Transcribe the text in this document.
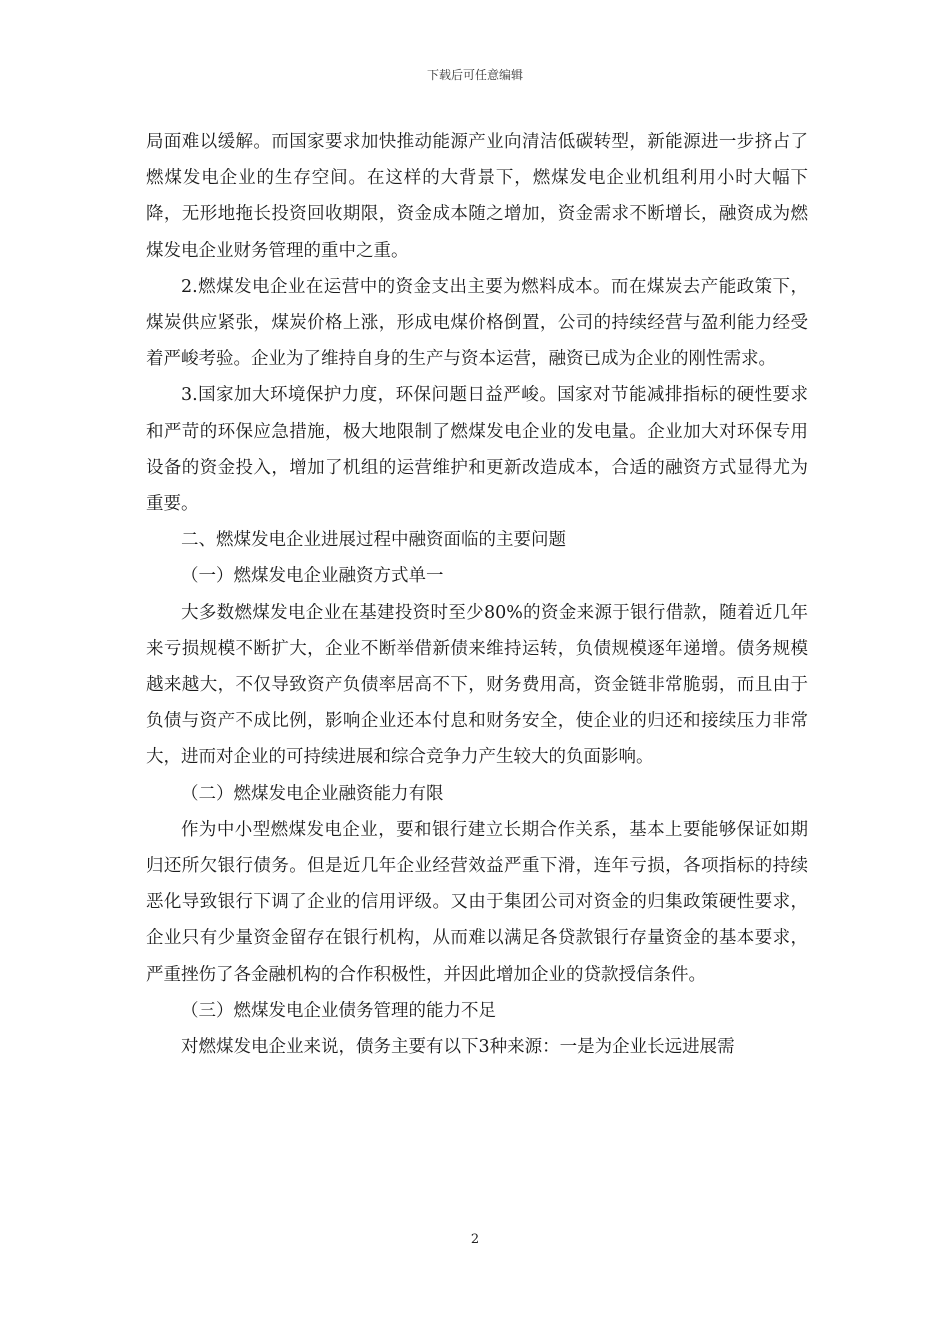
下载后可任意编辑

局面难以缓解。而国家要求加快推动能源产业向清洁低碳转型，新能源进一步挤占了燃煤发电企业的生存空间。在这样的大背景下，燃煤发电企业机组利用小时大幅下降，无形地拖长投资回收期限，资金成本随之增加，资金需求不断增长，融资成为燃煤发电企业财务管理的重中之重。

2.燃煤发电企业在运营中的资金支出主要为燃料成本。而在煤炭去产能政策下，煤炭供应紧张，煤炭价格上涨，形成电煤价格倒置，公司的持续经营与盈利能力经受着严峻考验。企业为了维持自身的生产与资本运营，融资已成为企业的刚性需求。

3.国家加大环境保护力度，环保问题日益严峻。国家对节能减排指标的硬性要求和严苛的环保应急措施，极大地限制了燃煤发电企业的发电量。企业加大对环保专用设备的资金投入，增加了机组的运营维护和更新改造成本，合适的融资方式显得尤为重要。

二、燃煤发电企业进展过程中融资面临的主要问题

（一）燃煤发电企业融资方式单一

大多数燃煤发电企业在基建投资时至少80%的资金来源于银行借款，随着近几年来亏损规模不断扩大，企业不断举借新债来维持运转，负债规模逐年递增。债务规模越来越大，不仅导致资产负债率居高不下，财务费用高，资金链非常脆弱，而且由于负债与资产不成比例，影响企业还本付息和财务安全，使企业的归还和接续压力非常大，进而对企业的可持续进展和综合竞争力产生较大的负面影响。

（二）燃煤发电企业融资能力有限

作为中小型燃煤发电企业，要和银行建立长期合作关系，基本上要能够保证如期归还所欠银行债务。但是近几年企业经营效益严重下滑，连年亏损，各项指标的持续恶化导致银行下调了企业的信用评级。又由于集团公司对资金的归集政策硬性要求，企业只有少量资金留存在银行机构，从而难以满足各贷款银行存量资金的基本要求，严重挫伤了各金融机构的合作积极性，并因此增加企业的贷款授信条件。

（三）燃煤发电企业债务管理的能力不足

对燃煤发电企业来说，债务主要有以下3种来源：一是为企业长远进展需

2
